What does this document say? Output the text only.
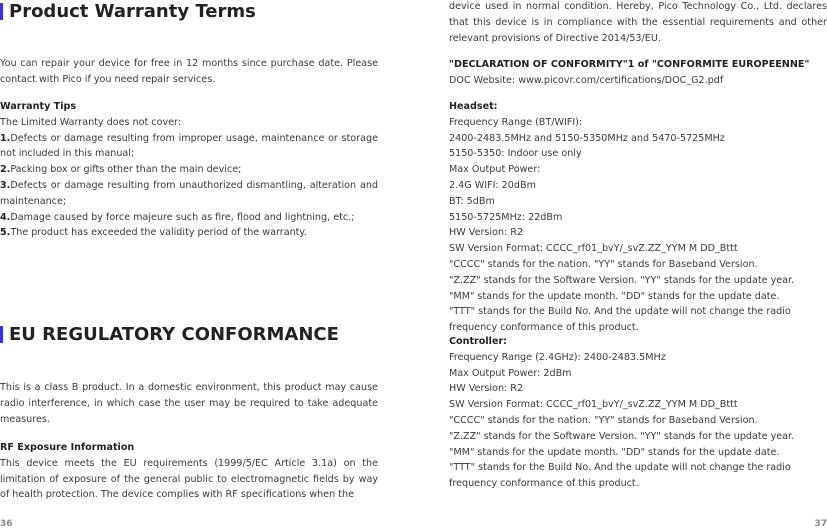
Product Warranty Terms

You can repair your device for free in 12 months since purchase date. Please contact with Pico if you need repair services.

Warranty Tips

The Limited Warranty does not cover:

1.Defects or damage resulting from improper usage, maintenance or storage not included in this manual;

2.Packing box or gifts other than the main device;

3.Defects or damage resulting from unauthorized dismantling, alteration and maintenance;

4.Damage caused by force majeure such as fire, flood and lightning, etc.;

5.The product has exceeded the validity period of the warranty.

EU REGULATORY CONFORMANCE

This is a class B product. In a domestic environment, this product may cause radio interference, in which case the user may be required to take adequate measures.

RF Exposure Information

This device meets the EU requirements (1999/5/EC Article 3.1a) on the limitation of exposure of the general public to electromagnetic fields by way of health protection. The device complies with RF specifications when the

36

device used in normal condition. Hereby, Pico Technology Co., Ltd. declares that this device is in compliance with the essential requirements and other relevant provisions of Directive 2014/53/EU.

"DECLARATION OF CONFORMITY"1 of "CONFORMITE EUROPEENNE"

DOC Website: www.picovr.com/certifications/DOC_G2.pdf

Headset:

Frequency Range (BT/WIFI):

2400-2483.5MHz and 5150-5350MHz and 5470-5725MHz

5150-5350: Indoor use only

Max Output Power:

2.4G WIFI: 20dBm

BT: 5dBm

5150-5725MHz: 22dBm

HW Version: R2

SW Version Format: CCCC_rf01_bvY/_svZ.ZZ_YYM M DD_Bttt

"CCCC" stands for the nation. "YY" stands for Baseband Version.

"Z.ZZ" stands for the Software Version. "YY" stands for the update year.

"MM" stands for the update month. "DD" stands for the update date.

"TTT" stands for the Build No. And the update will not change the radio

frequency conformance of this product.

Controller:

Frequency Range (2.4GHz): 2400-2483.5MHz

Max Output Power: 2dBm

HW Version: R2

SW Version Format: CCCC_rf01_bvY/_svZ.ZZ_YYM M DD_Bttt

"CCCC" stands for the nation. "YY" stands for Baseband Version.

"Z.ZZ" stands for the Software Version. "YY" stands for the update year.

"MM" stands for the update month. "DD" stands for the update date.

"TTT" stands for the Build No. And the update will not change the radio

frequency conformance of this product.

37
